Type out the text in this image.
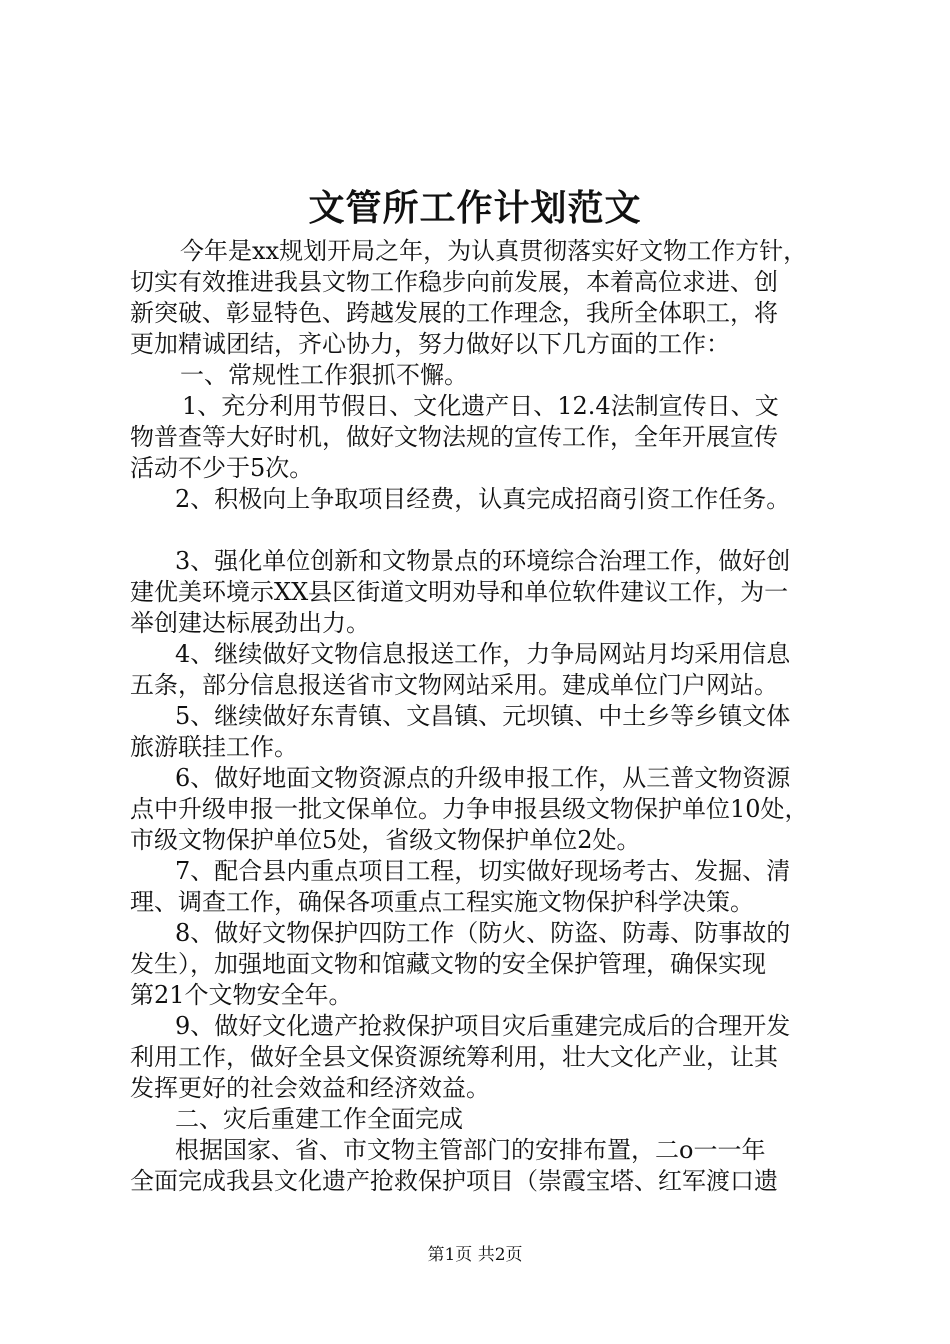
文管所工作计划范文
今年是xx规划开局之年，为认真贯彻落实好文物工作方针，
切实有效推进我县文物工作稳步向前发展，本着高位求进、创
新突破、彰显特色、跨越发展的工作理念，我所全体职工，将
更加精诚团结，齐心协力，努力做好以下几方面的工作：
一、常规性工作狠抓不懈。
1、充分利用节假日、文化遗产日、12.4法制宣传日、文
物普查等大好时机，做好文物法规的宣传工作，全年开展宣传
活动不少于5次。
2、积极向上争取项目经费，认真完成招商引资工作任务。
3、强化单位创新和文物景点的环境综合治理工作，做好创
建优美环境示XX县区街道文明劝导和单位软件建议工作，为一
举创建达标展劲出力。
4、继续做好文物信息报送工作，力争局网站月均采用信息
五条，部分信息报送省市文物网站采用。建成单位门户网站。
5、继续做好东青镇、文昌镇、元坝镇、中土乡等乡镇文体
旅游联挂工作。
6、做好地面文物资源点的升级申报工作，从三普文物资源
点中升级申报一批文保单位。力争申报县级文物保护单位10处，
市级文物保护单位5处，省级文物保护单位2处。
7、配合县内重点项目工程，切实做好现场考古、发掘、清
理、调查工作，确保各项重点工程实施文物保护科学决策。
8、做好文物保护四防工作（防火、防盗、防毒、防事故的
发生），加强地面文物和馆藏文物的安全保护管理，确保实现
第21个文物安全年。
9、做好文化遗产抢救保护项目灾后重建完成后的合理开发
利用工作，做好全县文保资源统筹利用，壮大文化产业，让其
发挥更好的社会效益和经济效益。
二、灾后重建工作全面完成
根据国家、省、市文物主管部门的安排布置，二o一一年
全面完成我县文化遗产抢救保护项目（崇霞宝塔、红军渡口遗
第1页 共2页
